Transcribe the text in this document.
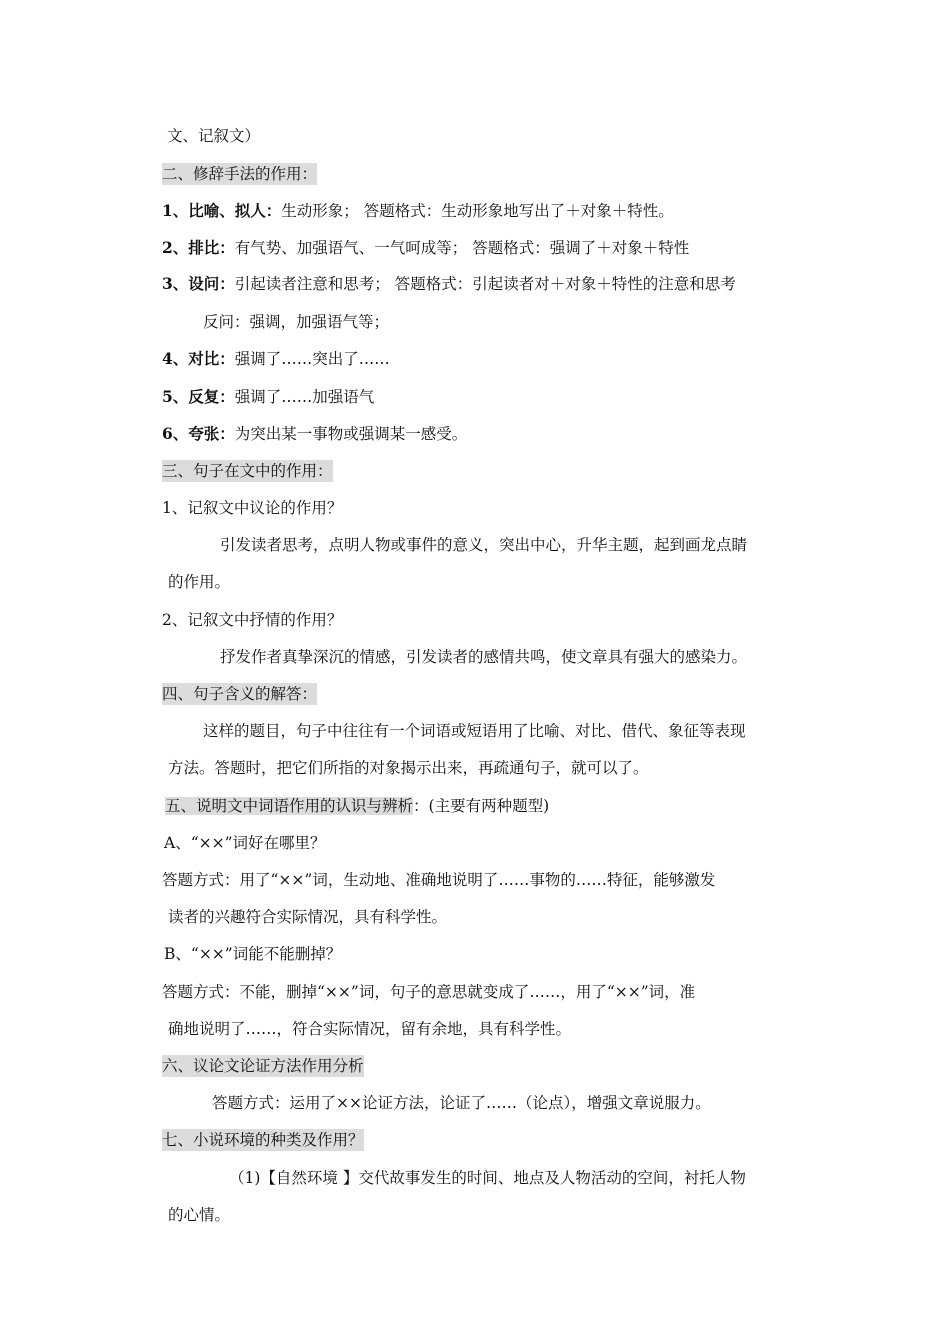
文、记叙文）
二、修辞手法的作用：
1、比喻、拟人：生动形象； 答题格式：生动形象地写出了＋对象＋特性。
2、排比：有气势、加强语气、一气呵成等； 答题格式：强调了＋对象＋特性
3、设问：引起读者注意和思考； 答题格式：引起读者对＋对象＋特性的注意和思考
反问：强调，加强语气等；
4、对比：强调了……突出了……
5、反复：强调了……加强语气
6、夸张：为突出某一事物或强调某一感受。
三、句子在文中的作用：
1、记叙文中议论的作用？
引发读者思考，点明人物或事件的意义，突出中心，升华主题，起到画龙点睛
的作用。
2、记叙文中抒情的作用？
抒发作者真挚深沉的情感，引发读者的感情共鸣，使文章具有强大的感染力。
四、句子含义的解答：
这样的题目，句子中往往有一个词语或短语用了比喻、对比、借代、象征等表现
方法。答题时，把它们所指的对象揭示出来，再疏通句子，就可以了。
五、说明文中词语作用的认识与辨析：(主要有两种题型)
A、“××”词好在哪里？
答题方式：用了“××”词，生动地、准确地说明了……事物的……特征，能够激发
读者的兴趣符合实际情况，具有科学性。
B、“××”词能不能删掉？
答题方式：不能，删掉“××”词，句子的意思就变成了……，用了“××”词，准
确地说明了……，符合实际情况，留有余地，具有科学性。
六、议论文论证方法作用分析
答题方式：运用了××论证方法，论证了……（论点），增强文章说服力。
七、小说环境的种类及作用？
（1)【自然环境 】交代故事发生的时间、地点及人物活动的空间，衬托人物
的心情。
